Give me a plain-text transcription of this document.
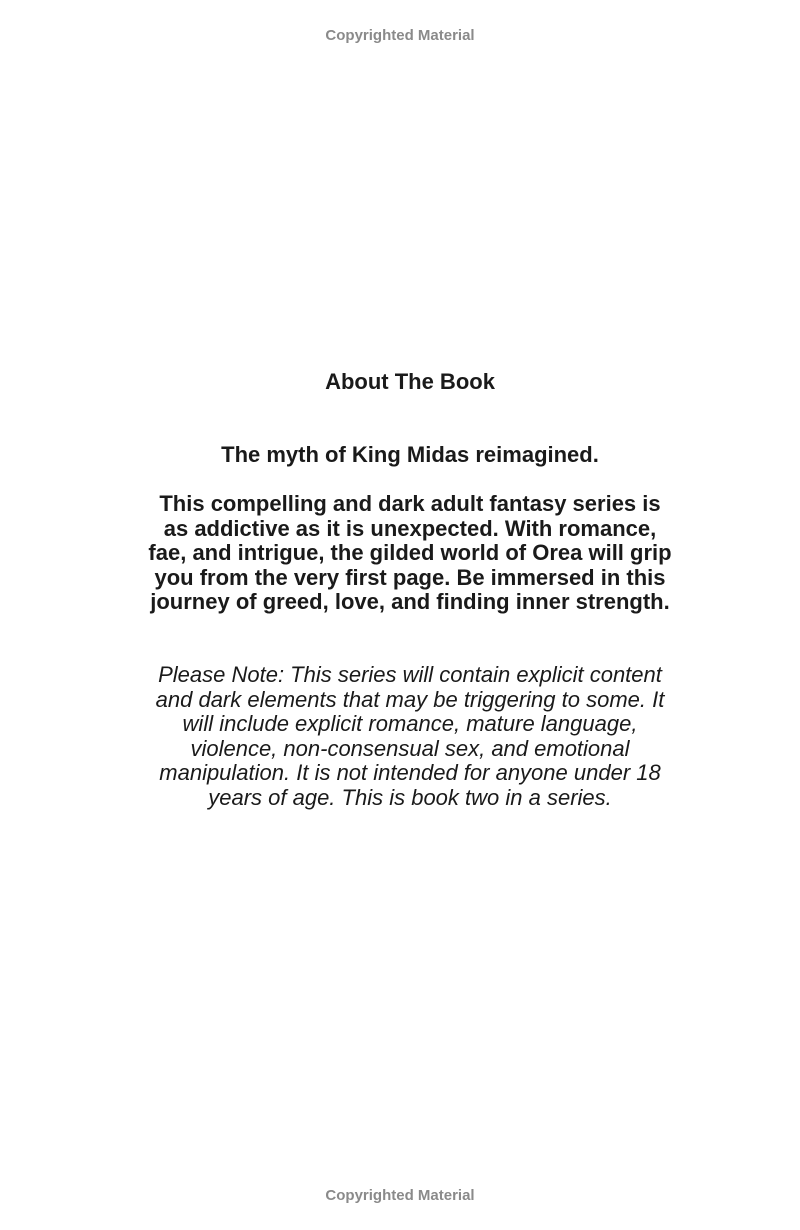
Copyrighted Material
About The Book
The myth of King Midas reimagined.

This compelling and dark adult fantasy series is
as addictive as it is unexpected. With romance,
fae, and intrigue, the gilded world of Orea will grip
you from the very first page. Be immersed in this
journey of greed, love, and finding inner strength.

Please Note: This series will contain explicit content
and dark elements that may be triggering to some. It
will include explicit romance, mature language,
violence, non-consensual sex, and emotional
manipulation. It is not intended for anyone under 18
years of age. This is book two in a series.

Copyrighted Material
